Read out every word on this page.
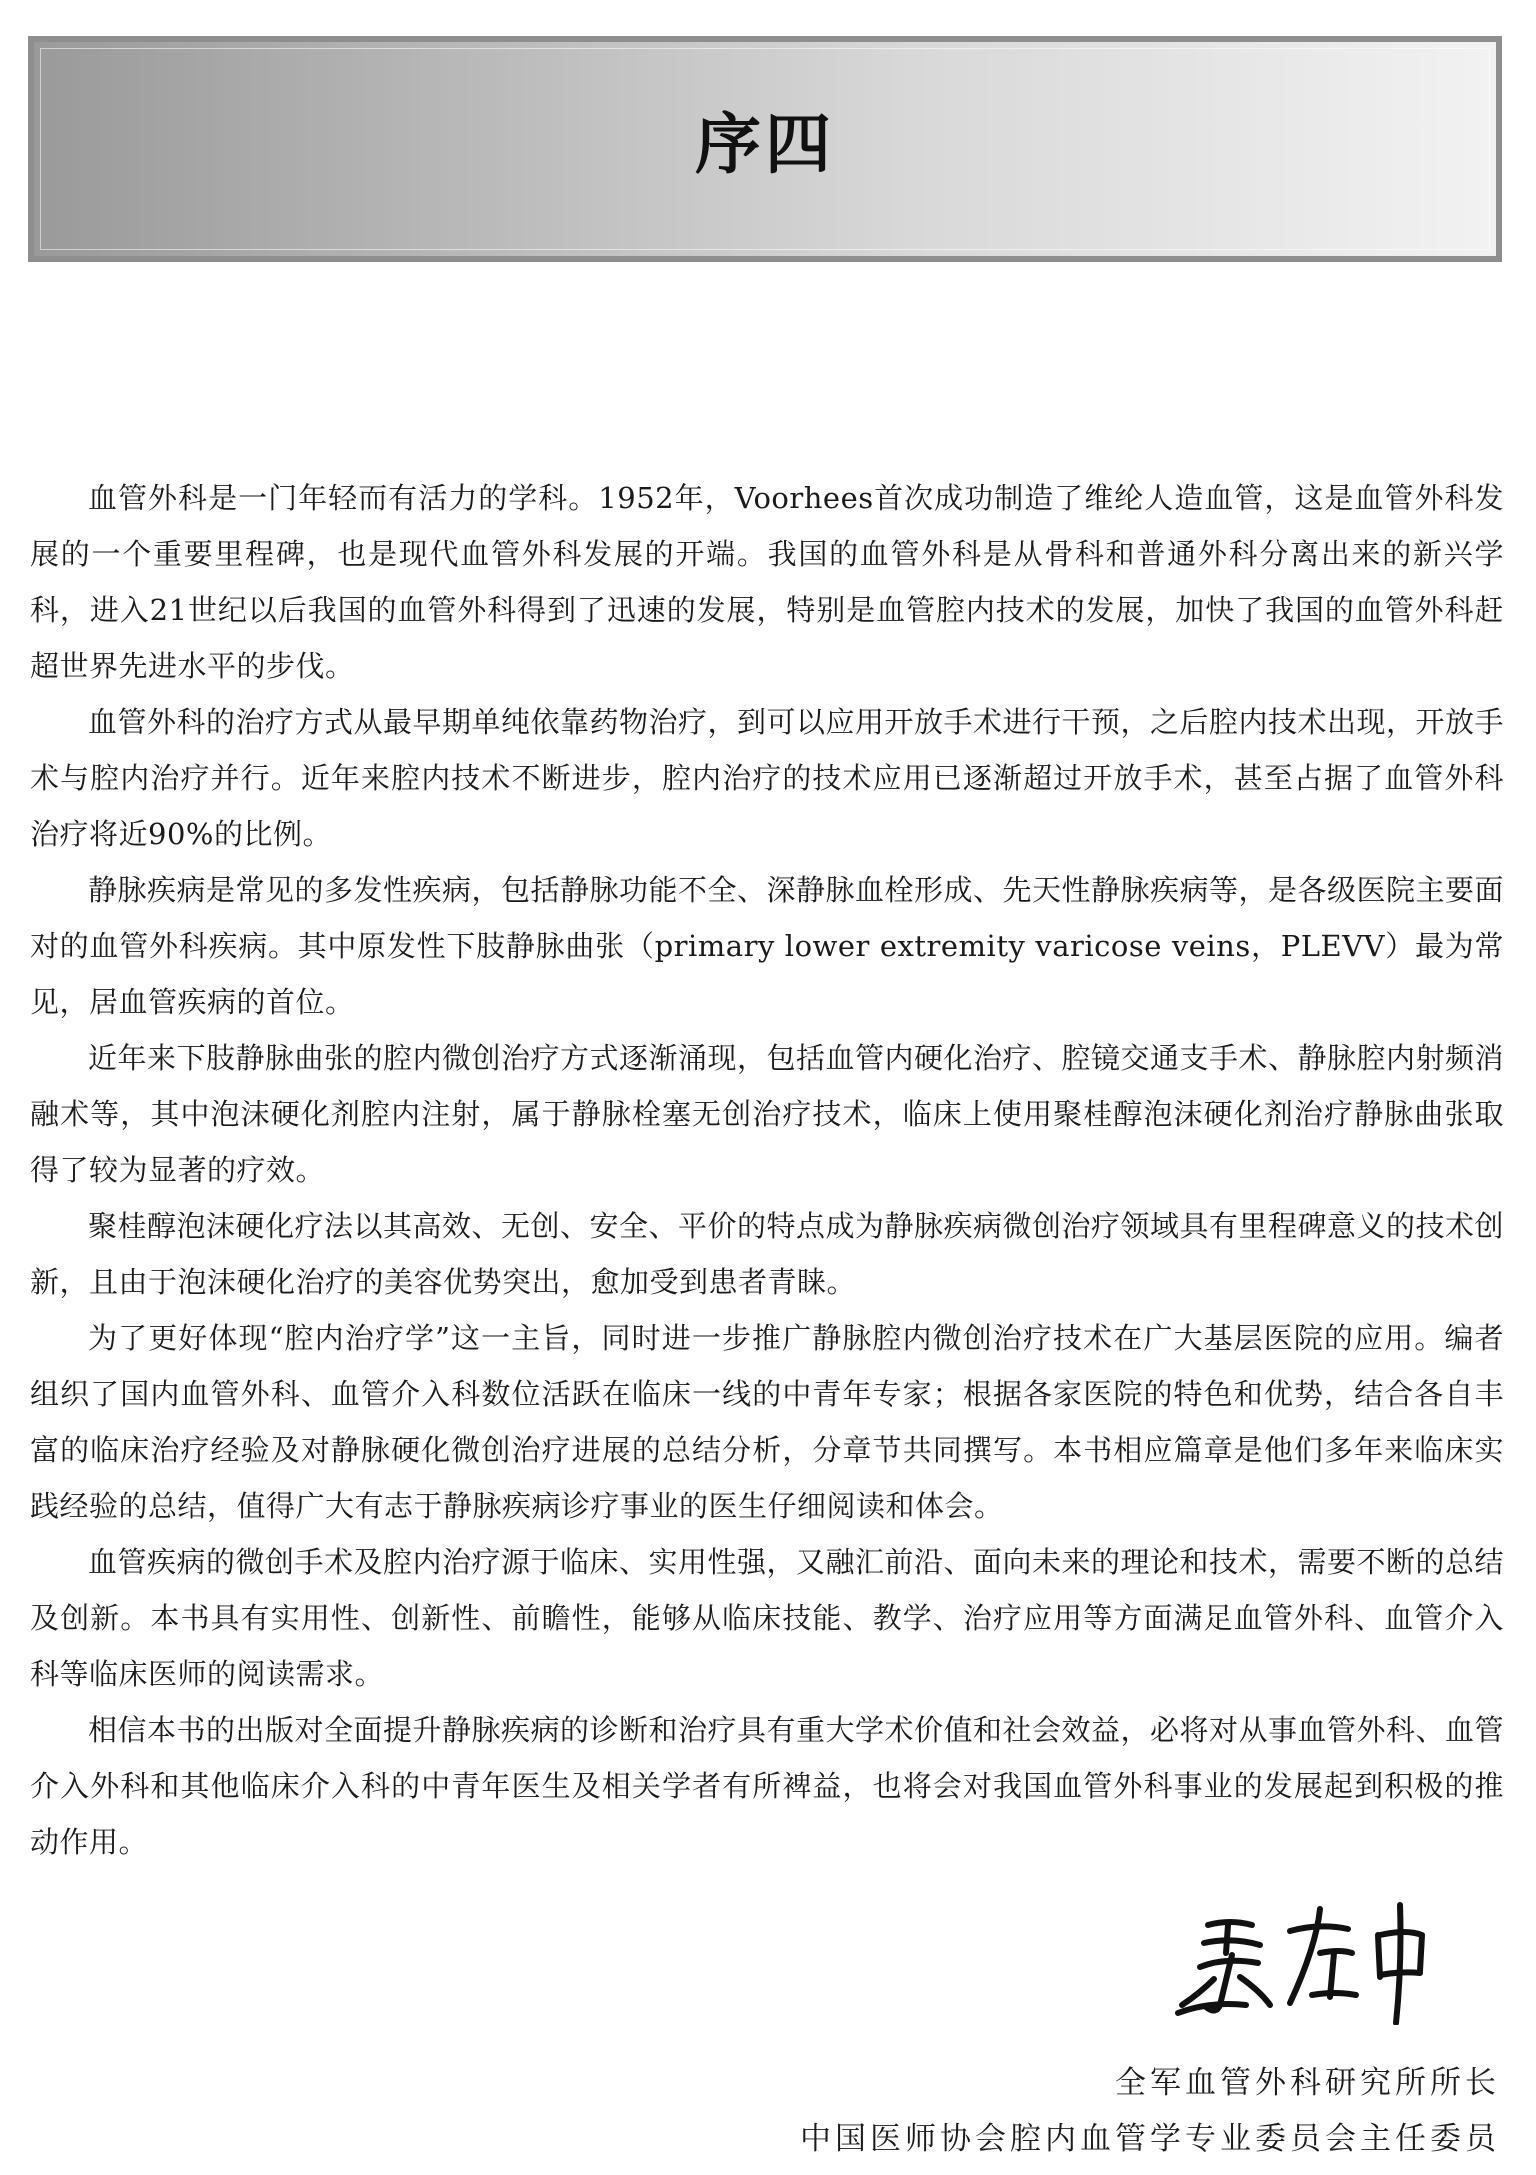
序四

血管外科是一门年轻而有活力的学科。1952年，Voorhees首次成功制造了维纶人造血管，这是血管外科发展的一个重要里程碑，也是现代血管外科发展的开端。我国的血管外科是从骨科和普通外科分离出来的新兴学科，进入21世纪以后我国的血管外科得到了迅速的发展，特别是血管腔内技术的发展，加快了我国的血管外科赶超世界先进水平的步伐。

血管外科的治疗方式从最早期单纯依靠药物治疗，到可以应用开放手术进行干预，之后腔内技术出现，开放手术与腔内治疗并行。近年来腔内技术不断进步，腔内治疗的技术应用已逐渐超过开放手术，甚至占据了血管外科治疗将近90%的比例。

静脉疾病是常见的多发性疾病，包括静脉功能不全、深静脉血栓形成、先天性静脉疾病等，是各级医院主要面对的血管外科疾病。其中原发性下肢静脉曲张（primary lower extremity varicose veins，PLEVV）最为常见，居血管疾病的首位。

近年来下肢静脉曲张的腔内微创治疗方式逐渐涌现，包括血管内硬化治疗、腔镜交通支手术、静脉腔内射频消融术等，其中泡沫硬化剂腔内注射，属于静脉栓塞无创治疗技术，临床上使用聚桂醇泡沫硬化剂治疗静脉曲张取得了较为显著的疗效。

聚桂醇泡沫硬化疗法以其高效、无创、安全、平价的特点成为静脉疾病微创治疗领域具有里程碑意义的技术创新，且由于泡沫硬化治疗的美容优势突出，愈加受到患者青睐。

为了更好体现“腔内治疗学”这一主旨，同时进一步推广静脉腔内微创治疗技术在广大基层医院的应用。编者组织了国内血管外科、血管介入科数位活跃在临床一线的中青年专家；根据各家医院的特色和优势，结合各自丰富的临床治疗经验及对静脉硬化微创治疗进展的总结分析，分章节共同撰写。本书相应篇章是他们多年来临床实践经验的总结，值得广大有志于静脉疾病诊疗事业的医生仔细阅读和体会。

血管疾病的微创手术及腔内治疗源于临床、实用性强，又融汇前沿、面向未来的理论和技术，需要不断的总结及创新。本书具有实用性、创新性、前瞻性，能够从临床技能、教学、治疗应用等方面满足血管外科、血管介入科等临床医师的阅读需求。

相信本书的出版对全面提升静脉疾病的诊断和治疗具有重大学术价值和社会效益，必将对从事血管外科、血管介入外科和其他临床介入科的中青年医生及相关学者有所裨益，也将会对我国血管外科事业的发展起到积极的推动作用。

全军血管外科研究所所长

中国医师协会腔内血管学专业委员会主任委员
